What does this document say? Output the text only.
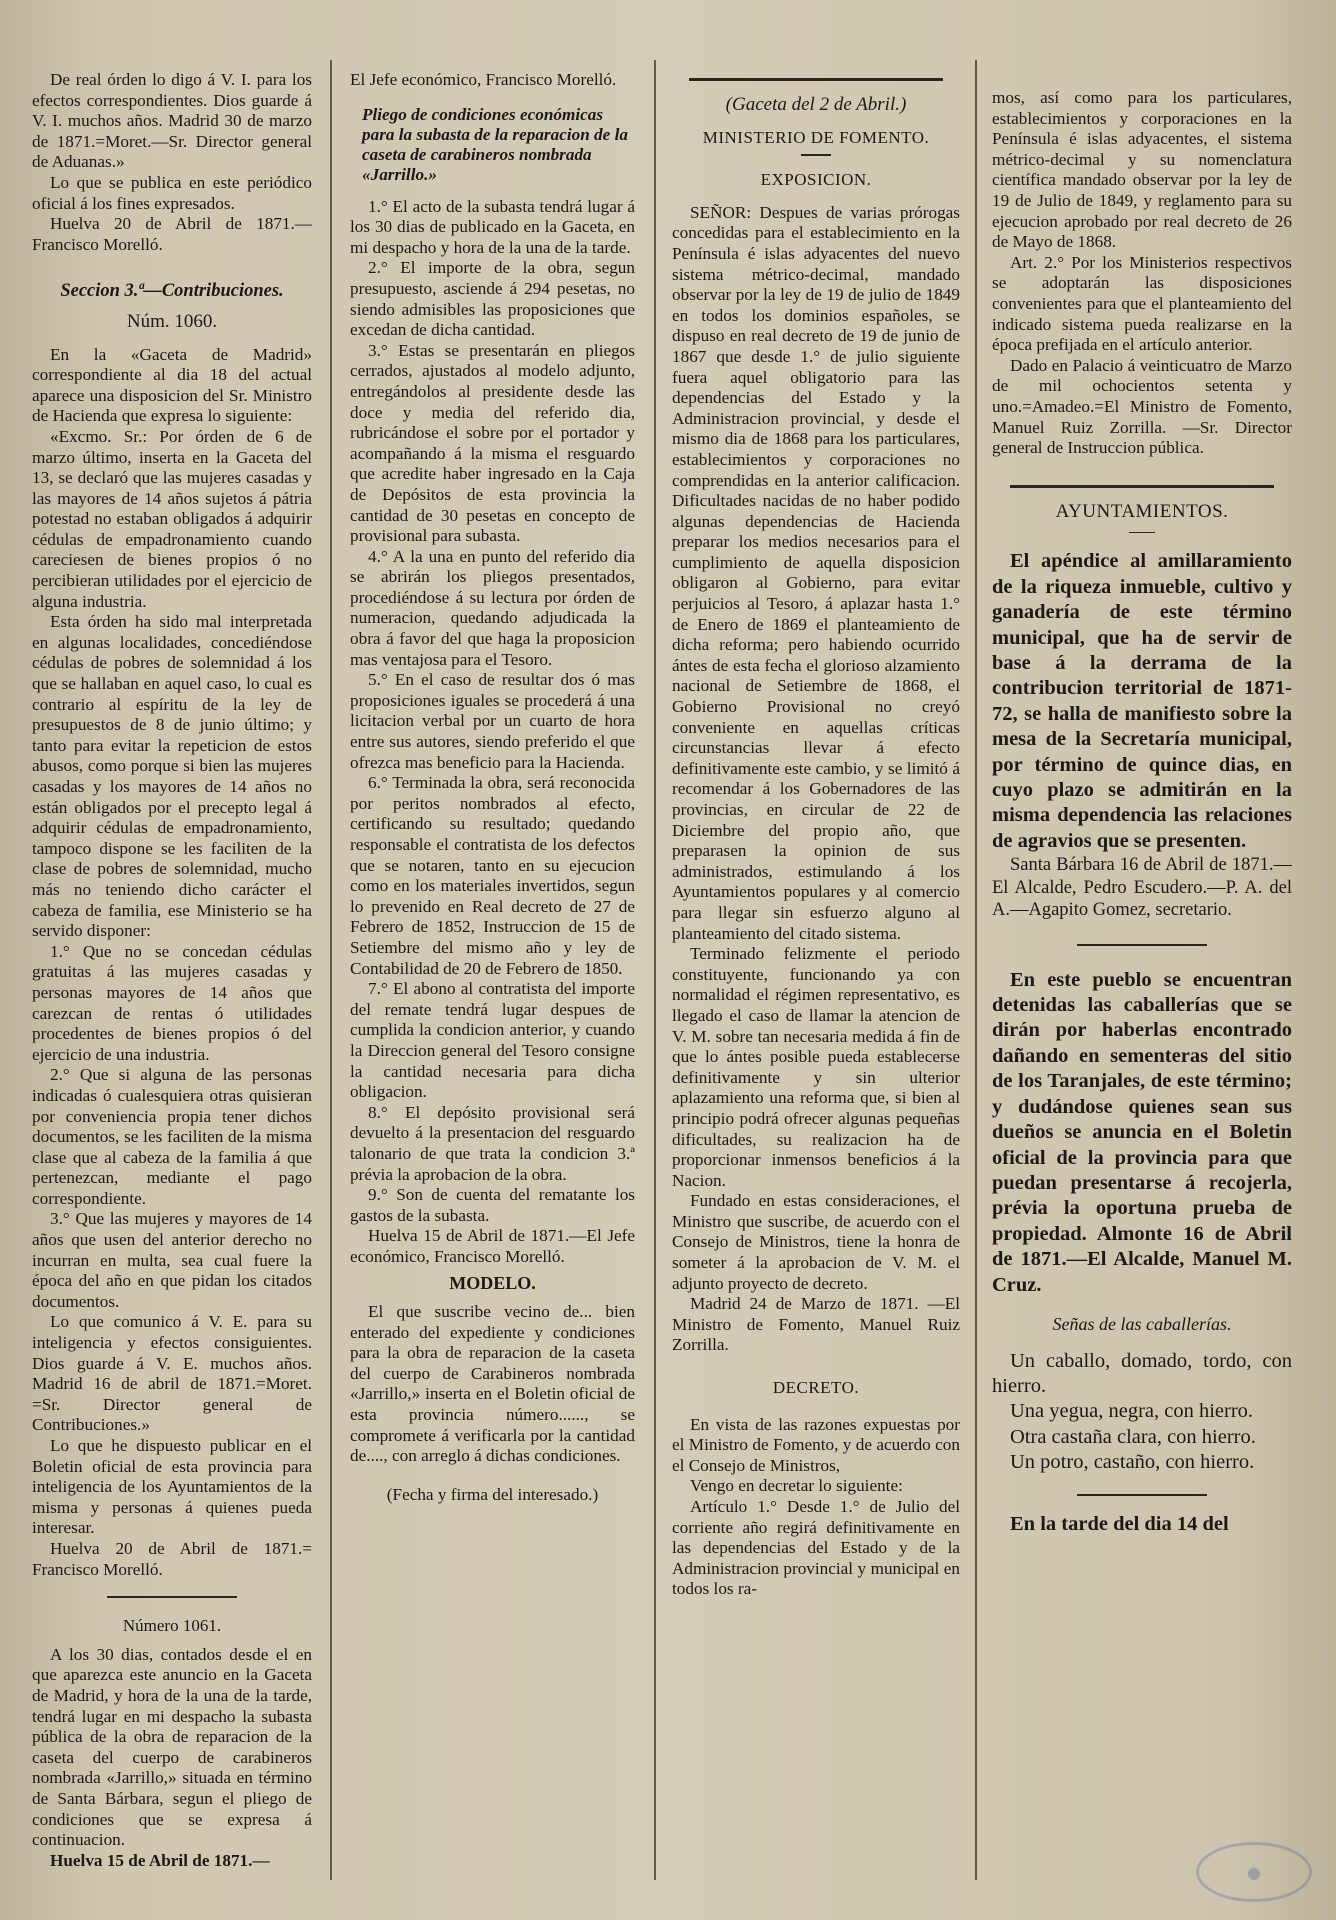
De real órden lo digo á V. I. para los efectos correspondientes. Dios guarde á V. I. muchos años. Madrid 30 de marzo de 1871.=Moret.—Sr. Director general de Aduanas.»

Lo que se publica en este periódico oficial á los fines expresados.

Huelva 20 de Abril de 1871.—Francisco Morelló.

Seccion 3.ª—Contribuciones.
Núm. 1060.

En la «Gaceta de Madrid» correspondiente al dia 18 del actual aparece una disposicion del Sr. Ministro de Hacienda que expresa lo siguiente:

«Excmo. Sr.: Por órden de 6 de marzo último, inserta en la Gaceta del 13, se declaró que las mujeres casadas y las mayores de 14 años sujetos á pátria potestad no estaban obligados á adquirir cédulas de empadronamiento cuando careciesen de bienes propios ó no percibieran utilidades por el ejercicio de alguna industria.

Esta órden ha sido mal interpretada en algunas localidades, concediéndose cédulas de pobres de solemnidad á los que se hallaban en aquel caso, lo cual es contrario al espíritu de la ley de presupuestos de 8 de junio último; y tanto para evitar la repeticion de estos abusos, como porque si bien las mujeres casadas y los mayores de 14 años no están obligados por el precepto legal á adquirir cédulas de empadronamiento, tampoco dispone se les faciliten de la clase de pobres de solemnidad, mucho más no teniendo dicho carácter el cabeza de familia, ese Ministerio se ha servido disponer:

1.° Que no se concedan cédulas gratuitas á las mujeres casadas y personas mayores de 14 años que carezcan de rentas ó utilidades procedentes de bienes propios ó del ejercicio de una industria.

2.° Que si alguna de las personas indicadas ó cualesquiera otras quisieran por conveniencia propia tener dichos documentos, se les faciliten de la misma clase que al cabeza de la familia á que pertenezcan, mediante el pago correspondiente.

3.° Que las mujeres y mayores de 14 años que usen del anterior derecho no incurran en multa, sea cual fuere la época del año en que pidan los citados documentos.

Lo que comunico á V. E. para su inteligencia y efectos consiguientes. Dios guarde á V. E. muchos años. Madrid 16 de abril de 1871.=Moret. =Sr. Director general de Contribuciones.»

Lo que he dispuesto publicar en el Boletin oficial de esta provincia para inteligencia de los Ayuntamientos de la misma y personas á quienes pueda interesar.

Huelva 20 de Abril de 1871.= Francisco Morelló.

Número 1061.

A los 30 dias, contados desde el en que aparezca este anuncio en la Gaceta de Madrid, y hora de la una de la tarde, tendrá lugar en mi despacho la subasta pública de la obra de reparacion de la caseta del cuerpo de carabineros nombrada «Jarrillo,» situada en término de Santa Bárbara, segun el pliego de condiciones que se expresa á continuacion.

Huelva 15 de Abril de 1871.—

El Jefe económico, Francisco Morelló.

Pliego de condiciones económicas para la subasta de la reparacion de la caseta de carabineros nombrada «Jarrillo.»

1.° El acto de la subasta tendrá lugar á los 30 dias de publicado en la Gaceta, en mi despacho y hora de la una de la tarde.

2.° El importe de la obra, segun presupuesto, asciende á 294 pesetas, no siendo admisibles las proposiciones que excedan de dicha cantidad.

3.° Estas se presentarán en pliegos cerrados, ajustados al modelo adjunto, entregándolos al presidente desde las doce y media del referido dia, rubricándose el sobre por el portador y acompañando á la misma el resguardo que acredite haber ingresado en la Caja de Depósitos de esta provincia la cantidad de 30 pesetas en concepto de provisional para subasta.

4.° A la una en punto del referido dia se abrirán los pliegos presentados, procediéndose á su lectura por órden de numeracion, quedando adjudicada la obra á favor del que haga la proposicion mas ventajosa para el Tesoro.

5.° En el caso de resultar dos ó mas proposiciones iguales se procederá á una licitacion verbal por un cuarto de hora entre sus autores, siendo preferido el que ofrezca mas beneficio para la Hacienda.

6.° Terminada la obra, será reconocida por peritos nombrados al efecto, certificando su resultado; quedando responsable el contratista de los defectos que se notaren, tanto en su ejecucion como en los materiales invertidos, segun lo prevenido en Real decreto de 27 de Febrero de 1852, Instruccion de 15 de Setiembre del mismo año y ley de Contabilidad de 20 de Febrero de 1850.

7.° El abono al contratista del importe del remate tendrá lugar despues de cumplida la condicion anterior, y cuando la Direccion general del Tesoro consigne la cantidad necesaria para dicha obligacion.

8.° El depósito provisional será devuelto á la presentacion del resguardo talonario de que trata la condicion 3.ª prévia la aprobacion de la obra.

9.° Son de cuenta del rematante los gastos de la subasta.

Huelva 15 de Abril de 1871.—El Jefe económico, Francisco Morelló.

MODELO.

El que suscribe vecino de... bien enterado del expediente y condiciones para la obra de reparacion de la caseta del cuerpo de Carabineros nombrada «Jarrillo,» inserta en el Boletin oficial de esta provincia número......, se compromete á verificarla por la cantidad de...., con arreglo á dichas condiciones.

(Fecha y firma del interesado.)
(Gaceta del 2 de Abril.)
MINISTERIO DE FOMENTO.
EXPOSICION.

SEÑOR: Despues de varias prórogas concedidas para el establecimiento en la Península é islas adyacentes del nuevo sistema métrico-decimal, mandado observar por la ley de 19 de julio de 1849 en todos los dominios españoles, se dispuso en real decreto de 19 de junio de 1867 que desde 1.° de julio siguiente fuera aquel obligatorio para las dependencias del Estado y la Administracion provincial, y desde el mismo dia de 1868 para los particulares, establecimientos y corporaciones no comprendidas en la anterior calificacion. Dificultades nacidas de no haber podido algunas dependencias de Hacienda preparar los medios necesarios para el cumplimiento de aquella disposicion obligaron al Gobierno, para evitar perjuicios al Tesoro, á aplazar hasta 1.° de Enero de 1869 el planteamiento de dicha reforma; pero habiendo ocurrido ántes de esta fecha el glorioso alzamiento nacional de Setiembre de 1868, el Gobierno Provisional no creyó conveniente en aquellas críticas circunstancias llevar á efecto definitivamente este cambio, y se limitó á recomendar á los Gobernadores de las provincias, en circular de 22 de Diciembre del propio año, que preparasen la opinion de sus administrados, estimulando á los Ayuntamientos populares y al comercio para llegar sin esfuerzo alguno al planteamiento del citado sistema.

Terminado felizmente el periodo constituyente, funcionando ya con normalidad el régimen representativo, es llegado el caso de llamar la atencion de V. M. sobre tan necesaria medida á fin de que lo ántes posible pueda establecerse definitivamente y sin ulterior aplazamiento una reforma que, si bien al principio podrá ofrecer algunas pequeñas dificultades, su realizacion ha de proporcionar inmensos beneficios á la Nacion.

Fundado en estas consideraciones, el Ministro que suscribe, de acuerdo con el Consejo de Ministros, tiene la honra de someter á la aprobacion de V. M. el adjunto proyecto de decreto.

Madrid 24 de Marzo de 1871. —El Ministro de Fomento, Manuel Ruiz Zorrilla.

DECRETO.

En vista de las razones expuestas por el Ministro de Fomento, y de acuerdo con el Consejo de Ministros,

Vengo en decretar lo siguiente:

Artículo 1.° Desde 1.° de Julio del corriente año regirá definitivamente en las dependencias del Estado y de la Administracion provincial y municipal en todos los ra-

mos, así como para los particulares, establecimientos y corporaciones en la Península é islas adyacentes, el sistema métrico-decimal y su nomenclatura científica mandado observar por la ley de 19 de Julio de 1849, y reglamento para su ejecucion aprobado por real decreto de 26 de Mayo de 1868.

Art. 2.° Por los Ministerios respectivos se adoptarán las disposiciones convenientes para que el planteamiento del indicado sistema pueda realizarse en la época prefijada en el artículo anterior.

Dado en Palacio á veinticuatro de Marzo de mil ochocientos setenta y uno.=Amadeo.=El Ministro de Fomento, Manuel Ruiz Zorrilla. —Sr. Director general de Instruccion pública.

AYUNTAMIENTOS.

El apéndice al amillaramiento de la riqueza inmueble, cultivo y ganadería de este término municipal, que ha de servir de base á la derrama de la contribucion territorial de 1871-72, se halla de manifiesto sobre la mesa de la Secretaría municipal, por término de quince dias, en cuyo plazo se admitirán en la misma dependencia las relaciones de agravios que se presenten.

Santa Bárbara 16 de Abril de 1871.—El Alcalde, Pedro Escudero.—P. A. del A.—Agapito Gomez, secretario.

En este pueblo se encuentran detenidas las caballerías que se dirán por haberlas encontrado dañando en sementeras del sitio de los Taranjales, de este término; y dudándose quienes sean sus dueños se anuncia en el Boletin oficial de la provincia para que puedan presentarse á recojerla, prévia la oportuna prueba de propiedad. Almonte 16 de Abril de 1871.—El Alcalde, Manuel M. Cruz.

Señas de las caballerías.

Un caballo, domado, tordo, con hierro.

Una yegua, negra, con hierro.

Otra castaña clara, con hierro.

Un potro, castaño, con hierro.

En la tarde del dia 14 del

●
